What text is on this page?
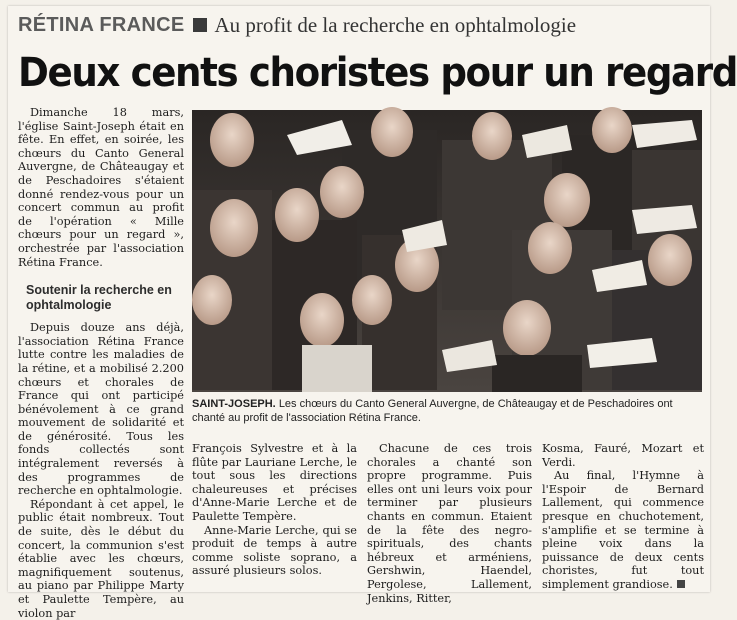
RÉTINA FRANCE Au profit de la recherche en ophtalmologie
Deux cents choristes pour un regard

Dimanche 18 mars, l'église Saint-Joseph était en fête. En effet, en soirée, les chœurs du Canto General Auvergne, de Châteaugay et de Peschadoires s'étaient donné rendez-vous pour un concert commun au profit de l'opération « Mille chœurs pour un regard », orchestrée par l'association Rétina France.

Soutenir la recherche en ophtalmologie

Depuis douze ans déjà, l'association Rétina France lutte contre les maladies de la rétine, et a mobilisé 2.200 chœurs et chorales de France qui ont participé bénévolement à ce grand mouvement de solidarité et de générosité. Tous les fonds collectés sont intégralement reversés à des programmes de recherche en ophtalmologie.

Répondant à cet appel, le public était nombreux. Tout de suite, dès le début du concert, la communion s'est établie avec les chœurs, magnifiquement soutenus, au piano par Philippe Marty et Paulette Tempère, au violon par

SAINT-JOSEPH. Les chœurs du Canto General Auvergne, de Châteaugay et de Peschadoires ont chanté au profit de l'association Rétina France.

François Sylvestre et à la flûte par Lauriane Lerche, le tout sous les directions chaleureuses et précises d'Anne-Marie Lerche et de Paulette Tempère.

Anne-Marie Lerche, qui se produit de temps à autre comme soliste soprano, a assuré plusieurs solos.

Chacune de ces trois chorales a chanté son propre programme. Puis elles ont uni leurs voix pour terminer par plusieurs chants en commun. Etaient de la fête des negro-spirituals, des chants hébreux et arméniens, Gershwin, Haendel, Pergolese, Lallement, Jenkins, Ritter,

Kosma, Fauré, Mozart et Verdi.

Au final, l'Hymne à l'Espoir de Bernard Lallement, qui commence presque en chuchotement, s'amplifie et se termine à pleine voix dans la puissance de deux cents choristes, fut tout simplement grandiose.
